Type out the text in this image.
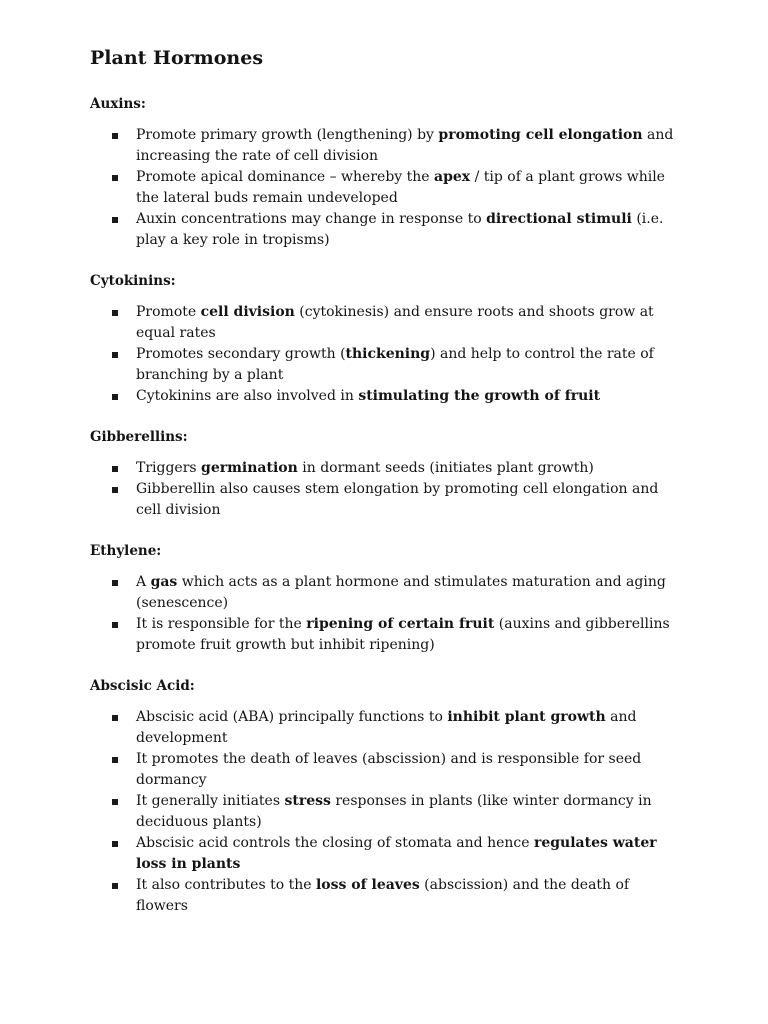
Plant Hormones
Auxins:
Promote primary growth (lengthening) by promoting cell elongation and increasing the rate of cell division
Promote apical dominance – whereby the apex / tip of a plant grows while the lateral buds remain undeveloped
Auxin concentrations may change in response to directional stimuli (i.e. play a key role in tropisms)
Cytokinins:
Promote cell division (cytokinesis) and ensure roots and shoots grow at equal rates
Promotes secondary growth (thickening) and help to control the rate of branching by a plant
Cytokinins are also involved in stimulating the growth of fruit
Gibberellins:
Triggers germination in dormant seeds (initiates plant growth)
Gibberellin also causes stem elongation by promoting cell elongation and cell division
Ethylene:
A gas which acts as a plant hormone and stimulates maturation and aging (senescence)
It is responsible for the ripening of certain fruit (auxins and gibberellins promote fruit growth but inhibit ripening)
Abscisic Acid:
Abscisic acid (ABA) principally functions to inhibit plant growth and development
It promotes the death of leaves (abscission) and is responsible for seed dormancy
It generally initiates stress responses in plants (like winter dormancy in deciduous plants)
Abscisic acid controls the closing of stomata and hence regulates water loss in plants
It also contributes to the loss of leaves (abscission) and the death of flowers
